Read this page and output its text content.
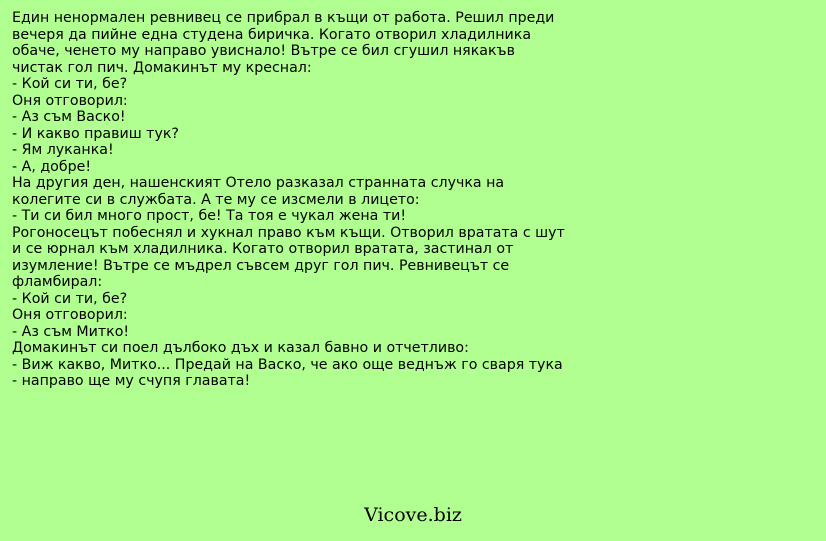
Един ненормален ревнивец се прибрал в къщи от работа. Решил преди
вечеря да пийне една студена биричка. Когато отворил хладилника
обаче, ченето му направо увиснало! Вътре се бил сгушил някакъв
чистак гол пич. Домакинът му креснал:
- Кой си ти, бе?
Оня отговорил:
- Аз съм Васко!
- И какво правиш тук?
- Ям луканка!
- А, добре!
На другия ден, нашенският Отело разказал странната случка на
колегите си в службата. А те му се изсмели в лицето:
- Ти си бил много прост, бе! Та тоя е чукал жена ти!
Рогоносецът побеснял и хукнал право към къщи. Отворил вратата с шут
и се юрнал към хладилника. Когато отворил вратата, застинал от
изумление! Вътре се мъдрел съвсем друг гол пич. Ревнивецът се
фламбирал:
- Кой си ти, бе?
Оня отговорил:
- Аз съм Митко!
Домакинът си поел дълбоко дъх и казал бавно и отчетливо:
- Виж какво, Митко... Предай на Васко, че ако още веднъж го сваря тука
- направо ще му счупя главата!
Vicove.biz
